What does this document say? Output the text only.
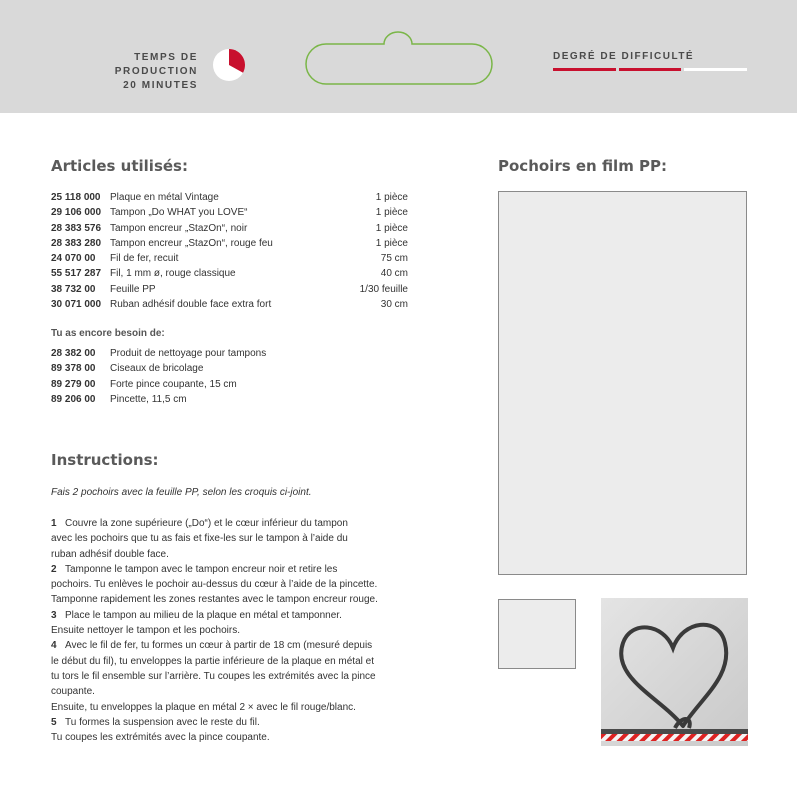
TEMPS DE PRODUCTION
20 MINUTES
DEGRÉ DE DIFFICULTÉ
Articles utilisés:
25 118 000 Plaque en métal Vintage	1 pièce
29 106 000 Tampon „Do WHAT you LOVE“	1 pièce
28 383 576 Tampon encreur „StazOn“, noir	1 pièce
28 383 280 Tampon encreur „StazOn“, rouge feu	1 pièce
24 070 00	Fil de fer, recuit	75 cm
55 517 287 Fil, 1 mm ø, rouge classique	40 cm
38 732 00	Feuille PP	1/30 feuille
30 071 000 Ruban adhésif double face extra fort	30 cm
Tu as encore besoin de:
28 382 00	Produit de nettoyage pour tampons
89 378 00	Ciseaux de bricolage
89 279 00	Forte pince coupante, 15 cm
89 206 00	Pincette, 11,5 cm
Instructions:
Fais 2 pochoirs avec la feuille PP, selon les croquis ci-joint.

1 Couvre la zone supérieure („Do“) et le cœur inférieur du tampon

avec les pochoirs que tu as fais et fixe-les sur le tampon à l’aide du

ruban adhésif double face.

2 Tamponne le tampon avec le tampon encreur noir et retire les

pochoirs. Tu enlèves le pochoir au-dessus du cœur à l’aide de la pincette.

Tamponne rapidement les zones restantes avec le tampon encreur rouge.

3 Place le tampon au milieu de la plaque en métal et tamponner.

Ensuite nettoyer le tampon et les pochoirs.

4 Avec le fil de fer, tu formes un cœur à partir de 18 cm (mesuré depuis

le début du fil), tu enveloppes la partie inférieure de la plaque en métal et

tu tors le fil ensemble sur l’arrière. Tu coupes les extrémités avec la pince

coupante.

Ensuite, tu enveloppes la plaque en métal 2 × avec le fil rouge/blanc.

5 Tu formes la suspension avec le reste du fil.

Tu coupes les extrémités avec la pince coupante.

Pochoirs en film PP:
